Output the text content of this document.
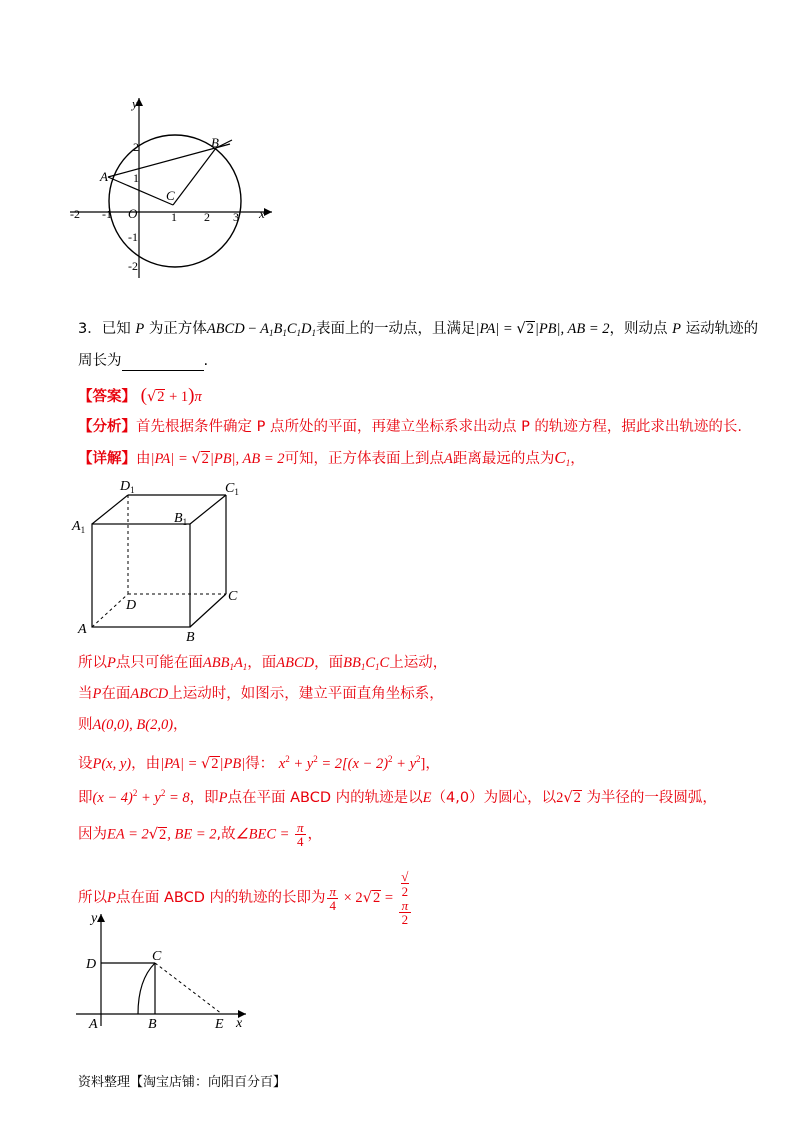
y
x
O
-2 -1	1 2 3
2
1
-1
-2
A
B
C
3．已知 P 为正方体ABCD − $A_1B_1C_1D_1$表面上的一动点，且满足|PA| = √2|PB|, AB = 2，则动点 P 运动轨迹的
周长为	.
【答案】 (√2 + 1)π
【分析】首先根据条件确定 P 点所处的平面，再建立坐标系求出动点 P 的轨迹方程，据此求出轨迹的长.
【详解】由|PA| = √2|PB|, AB = 2可知，正方体表面上到点A距离最远的点为$C_1$，
$D_1$	$C_1$
$A_1$
$B_1$
D
C
A
B
所以P点只可能在面$ABB_1A_1$，面ABCD，面$BB_1C_1C$上运动，
当P在面ABCD上运动时，如图示，建立平面直角坐标系，
则A(0,0), B(2,0)，
设P(x, y)，由|PA| = √2|PB|得： $x^2 + y^2 = 2[(x - 2)^2 + y^2]$，
即$(x - 4)^2 + y^2 = 8$，即P点在平面 ABCD 内的轨迹是以E（4,0）为圆心，以2√2 为半径的一段圆弧，
因为EA = 2√2, BE = 2,故∠BEC = $\frac{\pi}{4}$ ，
所以P点在面 ABCD 内的轨迹的长即为 $\frac{\pi}{4} \times 2√2$ = √
2
π
2
y
x
D
C
A	B	E
资料整理【淘宝店铺：向阳百分百】
